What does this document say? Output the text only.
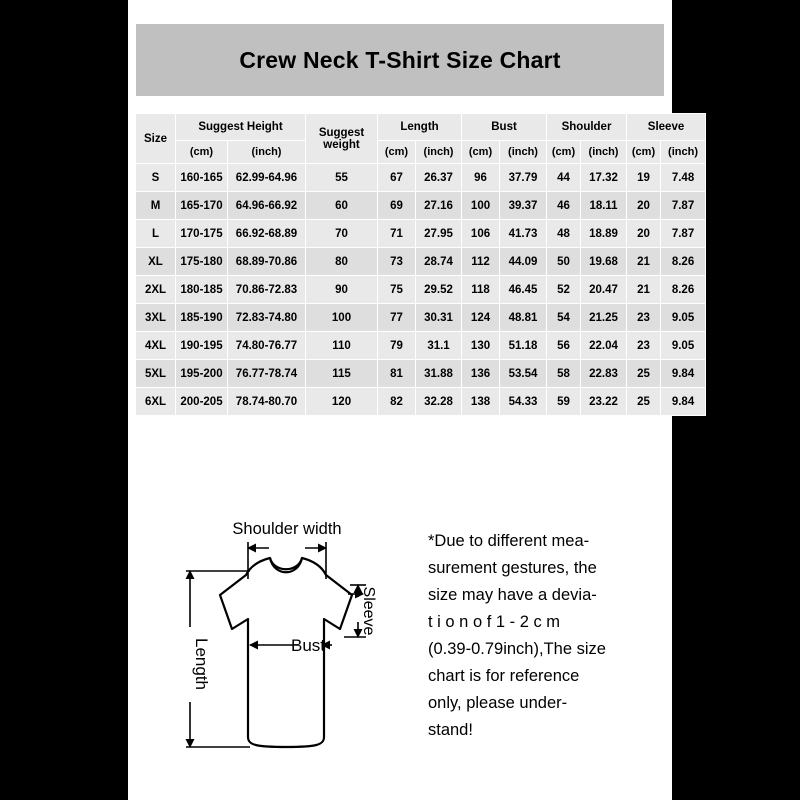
Crew Neck T-Shirt Size Chart
Size	Suggest Height		Suggest weight	Length		Bust		Shoulder		Sleeve	
	(cm)	(inch)		(cm)	(inch)	(cm)	(inch)	(cm)	(inch)	(cm)	(inch)
S	160-165	62.99-64.96	55	67	26.37	96	37.79	44	17.32	19	7.48
M	165-170	64.96-66.92	60	69	27.16	100	39.37	46	18.11	20	7.87
L	170-175	66.92-68.89	70	71	27.95	106	41.73	48	18.89	20	7.87
XL	175-180	68.89-70.86	80	73	28.74	112	44.09	50	19.68	21	8.26
2XL	180-185	70.86-72.83	90	75	29.52	118	46.45	52	20.47	21	8.26
3XL	185-190	72.83-74.80	100	77	30.31	124	48.81	54	21.25	23	9.05
4XL	190-195	74.80-76.77	110	79	31.1	130	51.18	56	22.04	23	9.05
5XL	195-200	76.77-78.74	115	81	31.88	136	53.54	58	22.83	25	9.84
6XL	200-205	78.74-80.70	120	82	32.28	138	54.33	59	23.22	25	9.84
Shoulder width
Bust
Sleeve
Length

*Due to different mea-

surement gestures, the

size may have a devia-

t i o n o f 1 - 2 c m

(0.39-0.79inch),The size

chart is for reference

only, please under-

stand!
